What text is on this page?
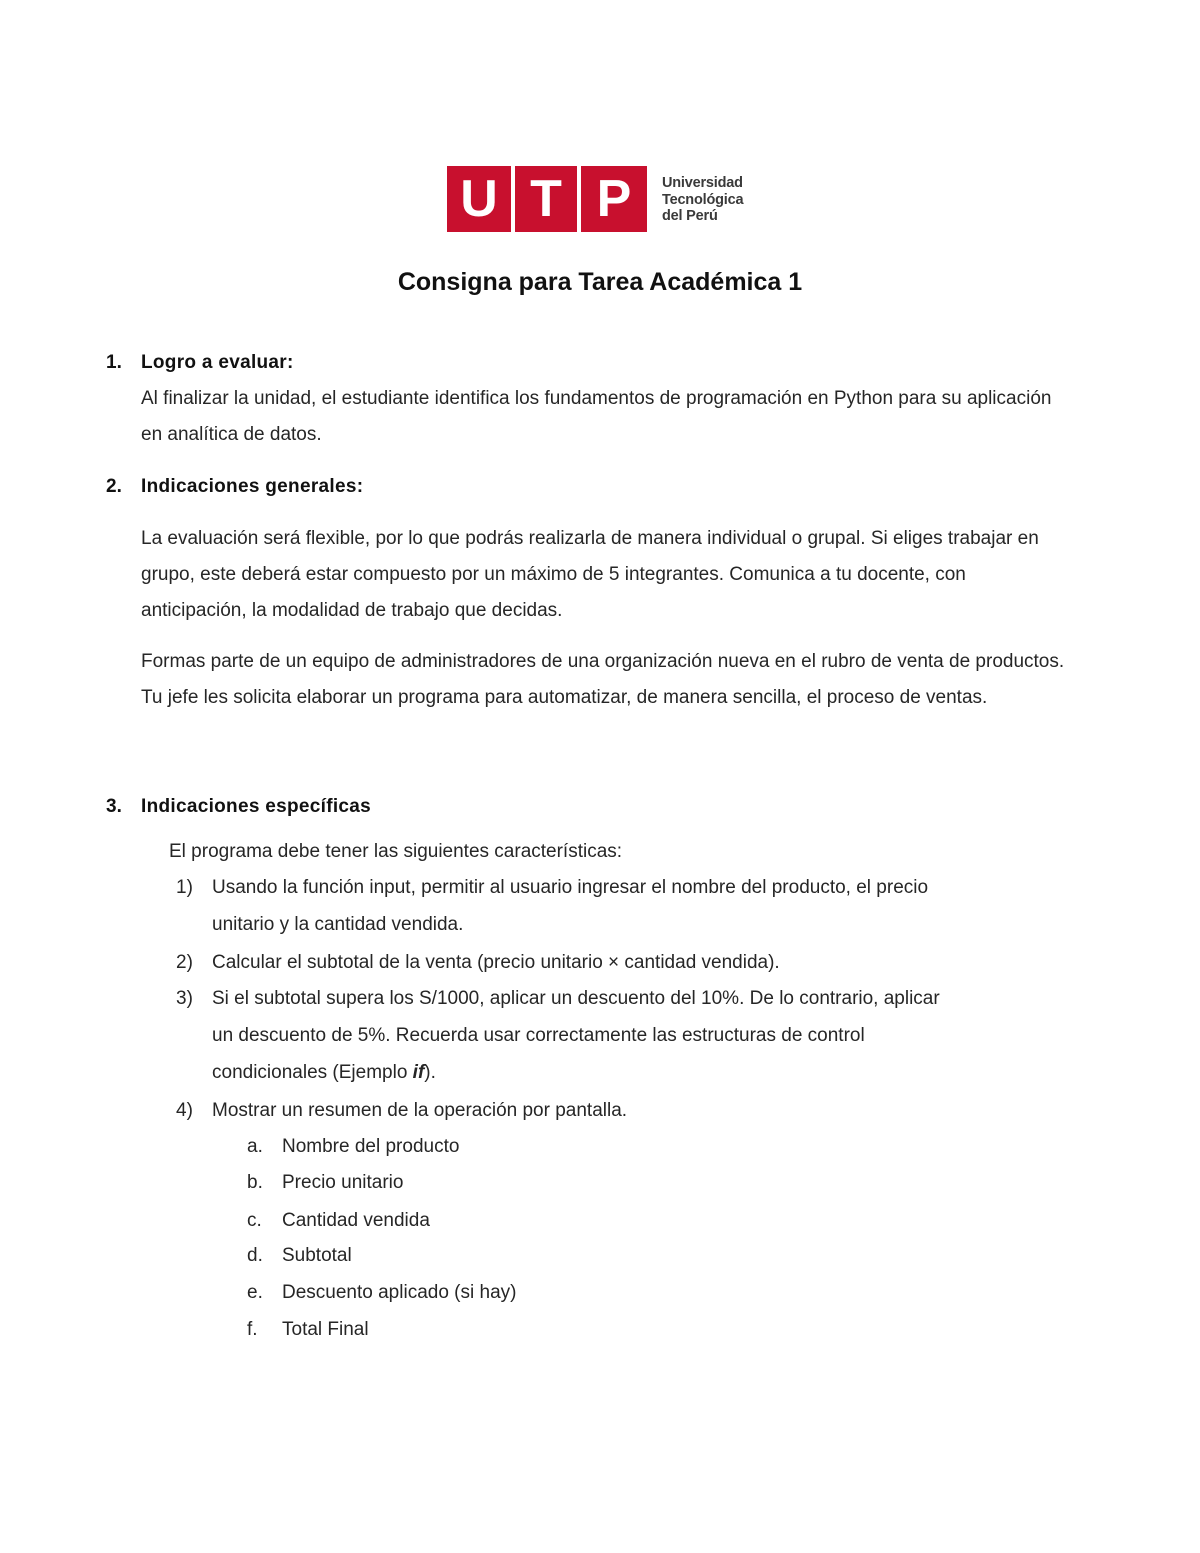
U T P	Universidad
Tecnológica
del Perú
Consigna para Tarea Académica 1
1. Logro a evaluar:

Al finalizar la unidad, el estudiante identifica los fundamentos de programación en Python para su aplicación en analítica de datos.

2. Indicaciones generales:

La evaluación será flexible, por lo que podrás realizarla de manera individual o grupal. Si eliges trabajar en grupo, este deberá estar compuesto por un máximo de 5 integrantes. Comunica a tu docente, con anticipación, la modalidad de trabajo que decidas.

Formas parte de un equipo de administradores de una organización nueva en el rubro de venta de productos. Tu jefe les solicita elaborar un programa para automatizar, de manera sencilla, el proceso de ventas.

3. Indicaciones específicas
El programa debe tener las siguientes características:
1) Usando la función input, permitir al usuario ingresar el nombre del producto, el precio
unitario y la cantidad vendida.
2) Calcular el subtotal de la venta (precio unitario × cantidad vendida).
3) Si el subtotal supera los S/1000, aplicar un descuento del 10%. De lo contrario, aplicar
un descuento de 5%. Recuerda usar correctamente las estructuras de control
condicionales (Ejemplo if).
4) Mostrar un resumen de la operación por pantalla.
a. Nombre del producto
b. Precio unitario
c. Cantidad vendida
d. Subtotal
e. Descuento aplicado (si hay)
f. Total Final
